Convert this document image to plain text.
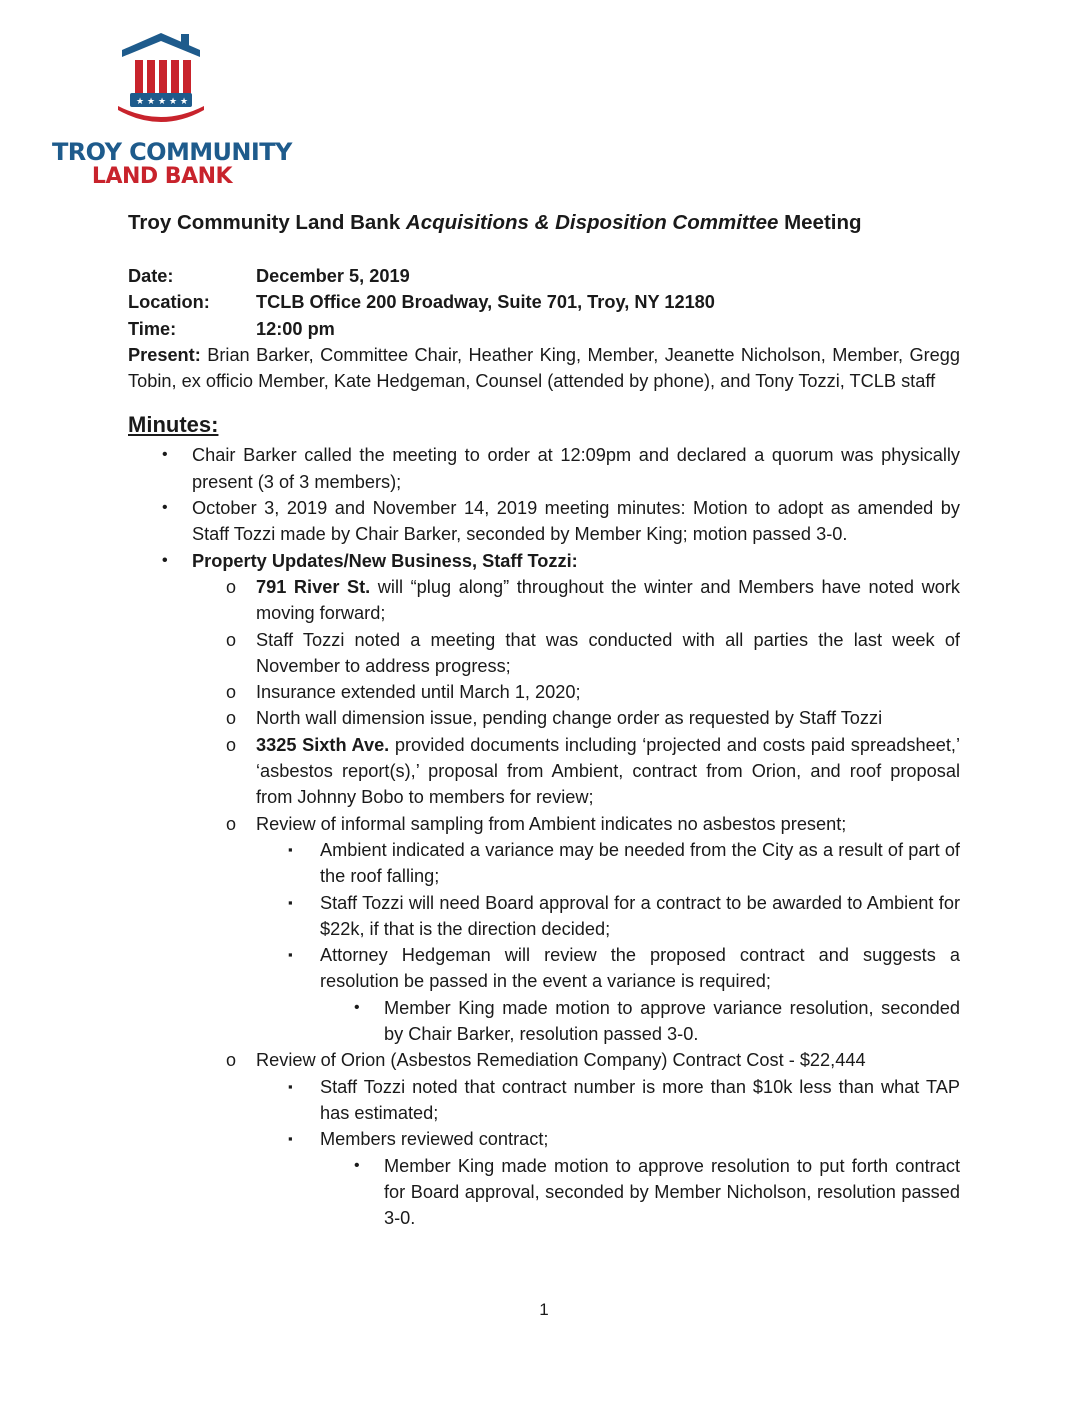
★ ★ ★ ★ ★
TROY COMMUNITY
LAND BANK
Troy Community Land Bank Acquisitions & Disposition Committee Meeting
Date:	December 5, 2019
Location:	TCLB Office 200 Broadway, Suite 701, Troy, NY 12180
Time:	12:00 pm
Present: Brian Barker, Committee Chair, Heather King, Member, Jeanette Nicholson, Member, Gregg Tobin, ex officio Member, Kate Hedgeman, Counsel (attended by phone), and Tony Tozzi, TCLB staff
Minutes:
• Chair Barker called the meeting to order at 12:09pm and declared a quorum was physically present (3 of 3 members);
• October 3, 2019 and November 14, 2019 meeting minutes: Motion to adopt as amended by Staff Tozzi made by Chair Barker, seconded by Member King; motion passed 3-0.
• Property Updates/New Business, Staff Tozzi:
o 791 River St. will “plug along” throughout the winter and Members have noted work moving forward;
o Staff Tozzi noted a meeting that was conducted with all parties the last week of November to address progress;
o Insurance extended until March 1, 2020;
o North wall dimension issue, pending change order as requested by Staff Tozzi
o 3325 Sixth Ave. provided documents including ‘projected and costs paid spreadsheet,’ ‘asbestos report(s),’ proposal from Ambient, contract from Orion, and roof proposal from Johnny Bobo to members for review;
o Review of informal sampling from Ambient indicates no asbestos present;
▪ Ambient indicated a variance may be needed from the City as a result of part of the roof falling;
▪ Staff Tozzi will need Board approval for a contract to be awarded to Ambient for $22k, if that is the direction decided;
▪ Attorney Hedgeman will review the proposed contract and suggests a resolution be passed in the event a variance is required;
• Member King made motion to approve variance resolution, seconded by Chair Barker, resolution passed 3-0.
o Review of Orion (Asbestos Remediation Company) Contract Cost - $22,444
▪ Staff Tozzi noted that contract number is more than $10k less than what TAP has estimated;
▪ Members reviewed contract;
• Member King made motion to approve resolution to put forth contract for Board approval, seconded by Member Nicholson, resolution passed 3-0.
1
